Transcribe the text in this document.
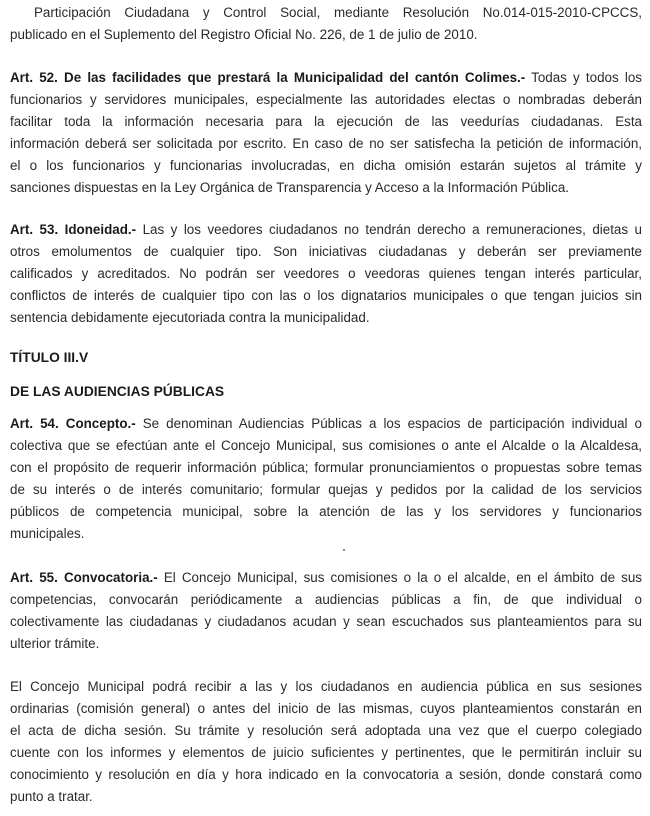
Participación Ciudadana y Control Social, mediante Resolución No.014-015-2010-CPCCS,
publicado en el Suplemento del Registro Oficial No. 226, de 1 de julio de 2010.
Art. 52. De las facilidades que prestará la Municipalidad del cantón Colimes.- Todas y todos los
funcionarios y servidores municipales, especialmente las autoridades electas o nombradas deberán
facilitar toda la información necesaria para la ejecución de las veedurías ciudadanas. Esta
información deberá ser solicitada por escrito. En caso de no ser satisfecha la petición de información,
el o los funcionarios y funcionarias involucradas, en dicha omisión estarán sujetos al trámite y
sanciones dispuestas en la Ley Orgánica de Transparencia y Acceso a la Información Pública.
Art. 53. Idoneidad.- Las y los veedores ciudadanos no tendrán derecho a remuneraciones, dietas u
otros emolumentos de cualquier tipo. Son iniciativas ciudadanas y deberán ser previamente
calificados y acreditados. No podrán ser veedores o veedoras quienes tengan interés particular,
conflictos de interés de cualquier tipo con las o los dignatarios municipales o que tengan juicios sin
sentencia debidamente ejecutoriada contra la municipalidad.
TÍTULO III.V
DE LAS AUDIENCIAS PÚBLICAS
Art. 54. Concepto.- Se denominan Audiencias Públicas a los espacios de participación individual o
colectiva que se efectúan ante el Concejo Municipal, sus comisiones o ante el Alcalde o la Alcaldesa,
con el propósito de requerir información pública; formular pronunciamientos o propuestas sobre temas
de su interés o de interés comunitario; formular quejas y pedidos por la calidad de los servicios
públicos de competencia municipal, sobre la atención de las y los servidores y funcionarios
municipales.
Art. 55. Convocatoria.- El Concejo Municipal, sus comisiones o la o el alcalde, en el ámbito de sus
competencias, convocarán periódicamente a audiencias públicas a fin, de que individual o
colectivamente las ciudadanas y ciudadanos acudan y sean escuchados sus planteamientos para su
ulterior trámite.
El Concejo Municipal podrá recibir a las y los ciudadanos en audiencia pública en sus sesiones
ordinarias (comisión general) o antes del inicio de las mismas, cuyos planteamientos constarán en
el acta de dicha sesión. Su trámite y resolución será adoptada una vez que el cuerpo colegiado
cuente con los informes y elementos de juicio suficientes y pertinentes, que le permitirán incluir su
conocimiento y resolución en día y hora indicado en la convocatoria a sesión, donde constará como
punto a tratar.
